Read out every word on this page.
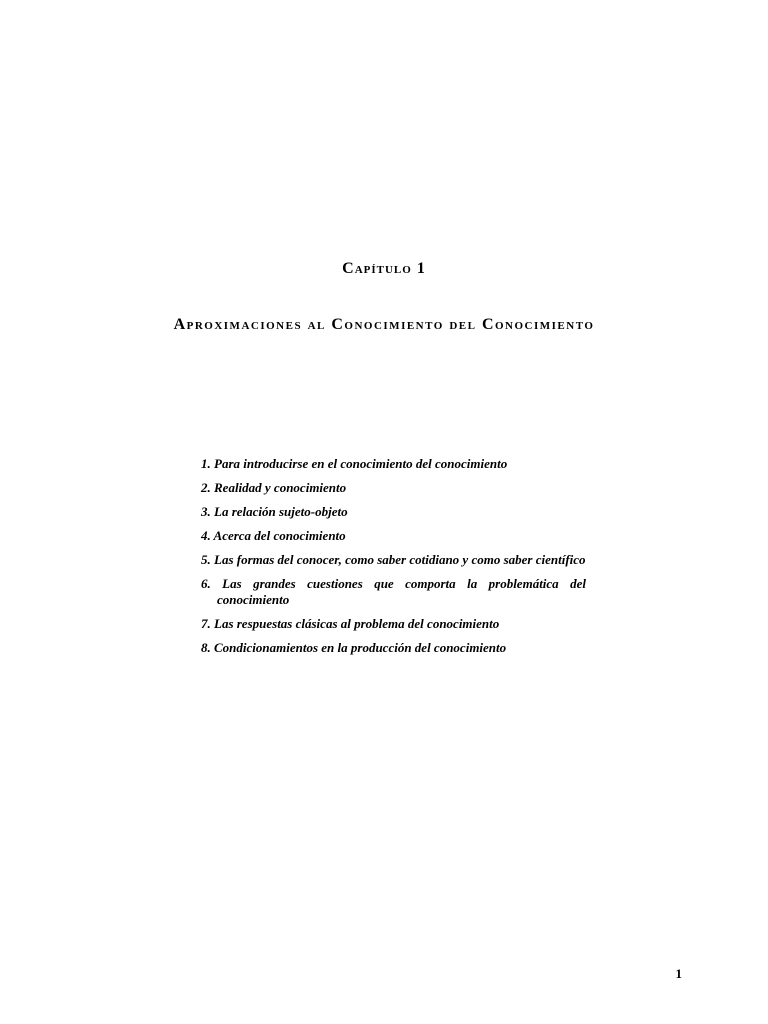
Capítulo 1
Aproximaciones al Conocimiento del Conocimiento
1. Para introducirse en el conocimiento del conocimiento
2. Realidad y conocimiento
3. La relación sujeto-objeto
4. Acerca del conocimiento
5. Las formas del conocer, como saber cotidiano y como saber científico
6. Las grandes cuestiones que comporta la problemática del conocimiento
7. Las respuestas clásicas al problema del conocimiento
8. Condicionamientos en la producción del conocimiento
1
